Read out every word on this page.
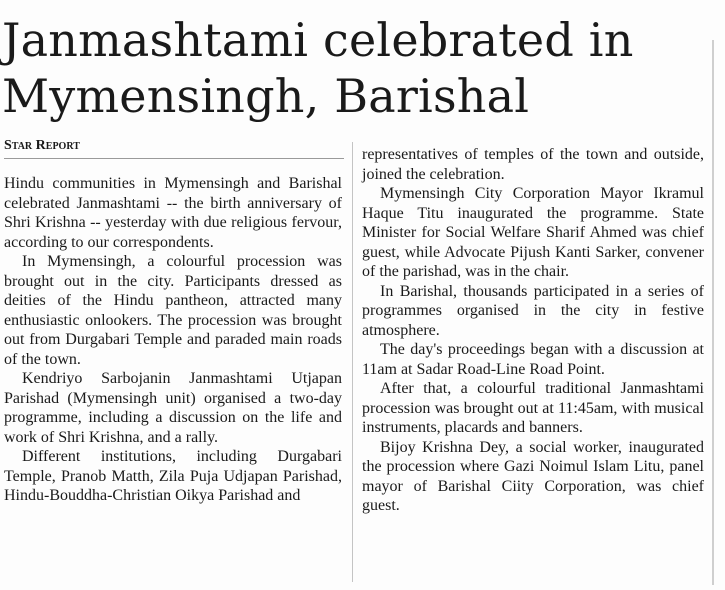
Janmashtami celebrated in Mymensingh, Barishal
Star Report

Hindu communities in Mymensingh and Barishal celebrated Janmashtami -- the birth anniversary of Shri Krishna -- yesterday with due religious fervour, according to our correspondents.

In Mymensingh, a colourful procession was brought out in the city. Participants dressed as deities of the Hindu pantheon, attracted many enthusiastic onlookers. The procession was brought out from Durgabari Temple and paraded main roads of the town.

Kendriyo Sarbojanin Janmashtami Utjapan Parishad (Mymensingh unit) organised a two-day programme, including a discussion on the life and work of Shri Krishna, and a rally.

Different institutions, including Durgabari Temple, Pranob Matth, Zila Puja Udjapan Parishad, Hindu-Bouddha-Christian Oikya Parishad and

representatives of temples of the town and outside, joined the celebration.

Mymensingh City Corporation Mayor Ikramul Haque Titu inaugurated the programme. State Minister for Social Welfare Sharif Ahmed was chief guest, while Advocate Pijush Kanti Sarker, convener of the parishad, was in the chair.

In Barishal, thousands participated in a series of programmes organised in the city in festive atmosphere.

The day's proceedings began with a discussion at 11am at Sadar Road-Line Road Point.

After that, a colourful traditional Janmashtami procession was brought out at 11:45am, with musical instruments, placards and banners.

Bijoy Krishna Dey, a social worker, inaugurated the procession where Gazi Noimul Islam Litu, panel mayor of Barishal Ciity Corporation, was chief guest.
